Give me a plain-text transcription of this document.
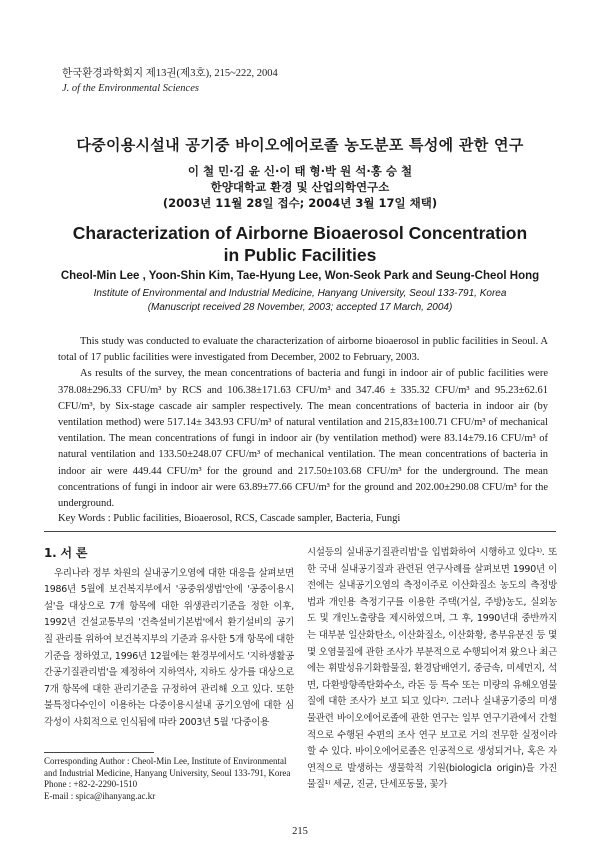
한국환경과학회지 제13권(제3호), 215~222, 2004
J. of the Environmental Sciences
다중이용시설내 공기중 바이오에어로졸 농도분포 특성에 관한 연구
이 철 민·김 윤 신·이 태 형·박 원 석·홍 승 철
한양대학교 환경 및 산업의학연구소
(2003년 11월 28일 접수; 2004년 3월 17일 채택)
Characterization of Airborne Bioaerosol Concentration
in Public Facilities
Cheol-Min Lee , Yoon-Shin Kim, Tae-Hyung Lee, Won-Seok Park and Seung-Cheol Hong
Institute of Environmental and Industrial Medicine, Hanyang University, Seoul 133-791, Korea
(Manuscript received 28 November, 2003; accepted 17 March, 2004)

This study was conducted to evaluate the characterization of airborne bioaerosol in public facilities in Seoul. A total of 17 public facilities were investigated from December, 2002 to February, 2003.

As results of the survey, the mean concentrations of bacteria and fungi in indoor air of public facilities were 378.08±296.33 CFU/m³ by RCS and 106.38±171.63 CFU/m³ and 347.46 ± 335.32 CFU/m³ and 95.23±62.61 CFU/m³, by Six-stage cascade air sampler respectively. The mean concentrations of bacteria in indoor air (by ventilation method) were 517.14± 343.93 CFU/m³ of natural ventilation and 215,83±100.71 CFU/m³ of mechanical ventilation. The mean concentrations of fungi in indoor air (by ventilation method) were 83.14±79.16 CFU/m³ of natural ventilation and 133.50±248.07 CFU/m³ of mechanical ventilation. The mean concentrations of bacteria in indoor air were 449.44 CFU/m³ for the ground and 217.50±103.68 CFU/m³ for the underground. The mean concentrations of fungi in indoor air were 63.89±77.66 CFU/m³ for the ground and 202.00±290.08 CFU/m³ for the underground.

Key Words : Public facilities, Bioaerosol, RCS, Cascade sampler, Bacteria, Fungi

1. 서 론

우리나라 정부 차원의 실내공기오염에 대한 대응을 살펴보면 1986년 5월에 보건복지부에서 '공중위생법'안에 '공중이용시설'을 대상으로 7개 항목에 대한 위생관리기준을 정한 이후, 1992년 건설교통부의 '건축설비기본법'에서 환기설비의 공기질 관리를 위하여 보건복지부의 기준과 유사한 5개 항목에 대한 기준을 정하였고, 1996년 12월에는 환경부에서도 '지하생활공간공기질관리법'을 제정하여 지하역사, 지하도 상가를 대상으로 7개 항목에 대한 관리기준을 규정하여 관리해 오고 있다. 또한 불특정다수인이 이용하는 다중이용시설내 공기오염에 대한 심각성이 사회적으로 인식됨에 따라 2003년 5월 '다중이용

시설등의 실내공기질관리법'을 입법화하여 시행하고 있다¹⁾. 또한 국내 실내공기질과 관련된 연구사례를 살펴보면 1990년 이전에는 실내공기오염의 측정이주로 이산화질소 농도의 측정방법과 개인용 측정기구를 이용한 주택(거실, 주방)농도, 실외농도 및 개인노출량을 제시하였으며, 그 후, 1990년대 중반까지는 대부분 일산화탄소, 이산화질소, 이산화황, 총부유분진 등 몇몇 오염물질에 관한 조사가 부분적으로 수행되어져 왔으나 최근에는 휘발성유기화합물질, 환경담배연기, 중금속, 미세먼지, 석면, 다환방향족탄화수소, 라돈 등 특수 또는 미량의 유해오염물질에 대한 조사가 보고 되고 있다²⁾. 그러나 실내공기중의 미생물관련 바이오에어로졸에 관한 연구는 일부 연구기관에서 간헐적으로 수행된 수편의 조사 연구 보고로 거의 전무한 실정이라 할 수 있다. 바이오에어로졸은 인공적으로 생성되거나, 혹은 자연적으로 발생하는 생물학적 기원(biologicla origin)을 가진 물질¹⁾ 세균, 진균, 단세포동물, 꽃가

Corresponding Author : Cheol-Min Lee, Institute of Environmental and Industrial Medicine, Hanyang University, Seoul 133-791, Korea

Phone : +82-2-2290-1510

E-mail : spica@ihanyang.ac.kr

215
